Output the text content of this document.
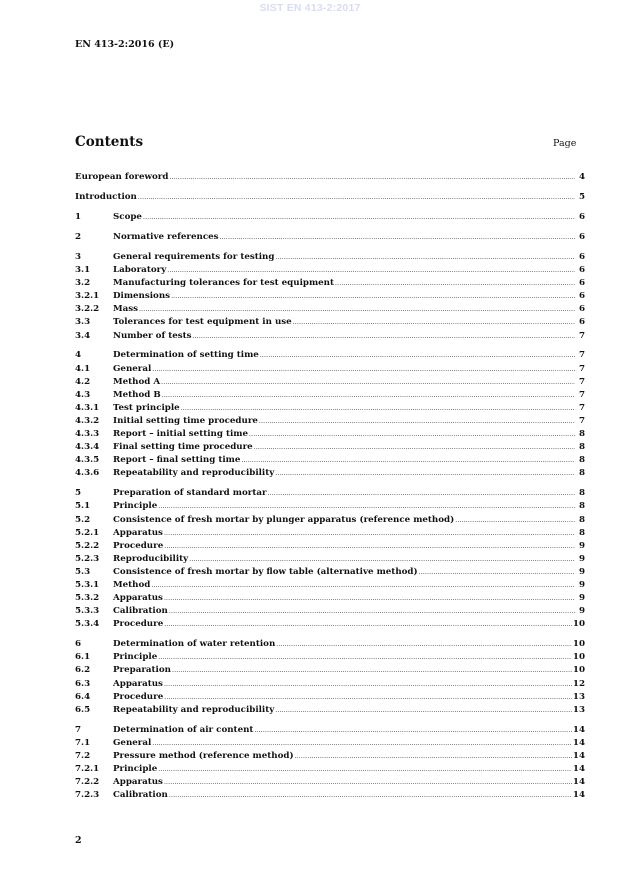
SIST EN 413-2:2017
EN 413-2:2016 (E)
Contents	Page
European foreword .....	4
Introduction .....	5
1	Scope .....	6
2	Normative references .....	6
3	General requirements for testing .....	6
3.1	Laboratory .....	6
3.2	Manufacturing tolerances for test equipment .....	6
3.2.1	Dimensions .....	6
3.2.2	Mass .....	6
3.3	Tolerances for test equipment in use .....	6
3.4	Number of tests .....	7
4	Determination of setting time .....	7
4.1	General .....	7
4.2	Method A .....	7
4.3	Method B .....	7
4.3.1	Test principle .....	7
4.3.2	Initial setting time procedure .....	7
4.3.3	Report – initial setting time .....	8
4.3.4	Final setting time procedure .....	8
4.3.5	Report – final setting time .....	8
4.3.6	Repeatability and reproducibility .....	8
5	Preparation of standard mortar .....	8
5.1	Principle .....	8
5.2	Consistence of fresh mortar by plunger apparatus (reference method) .....	8
5.2.1	Apparatus .....	8
5.2.2	Procedure .....	9
5.2.3	Reproducibility .....	9
5.3	Consistence of fresh mortar by flow table (alternative method) .....	9
5.3.1	Method .....	9
5.3.2	Apparatus .....	9
5.3.3	Calibration .....	9
5.3.4	Procedure .....	10
6	Determination of water retention .....	10
6.1	Principle .....	10
6.2	Preparation .....	10
6.3	Apparatus .....	12
6.4	Procedure .....	13
6.5	Repeatability and reproducibility .....	13
7	Determination of air content .....	14
7.1	General .....	14
7.2	Pressure method (reference method) .....	14
7.2.1	Principle .....	14
7.2.2	Apparatus .....	14
7.2.3	Calibration .....	14
2
